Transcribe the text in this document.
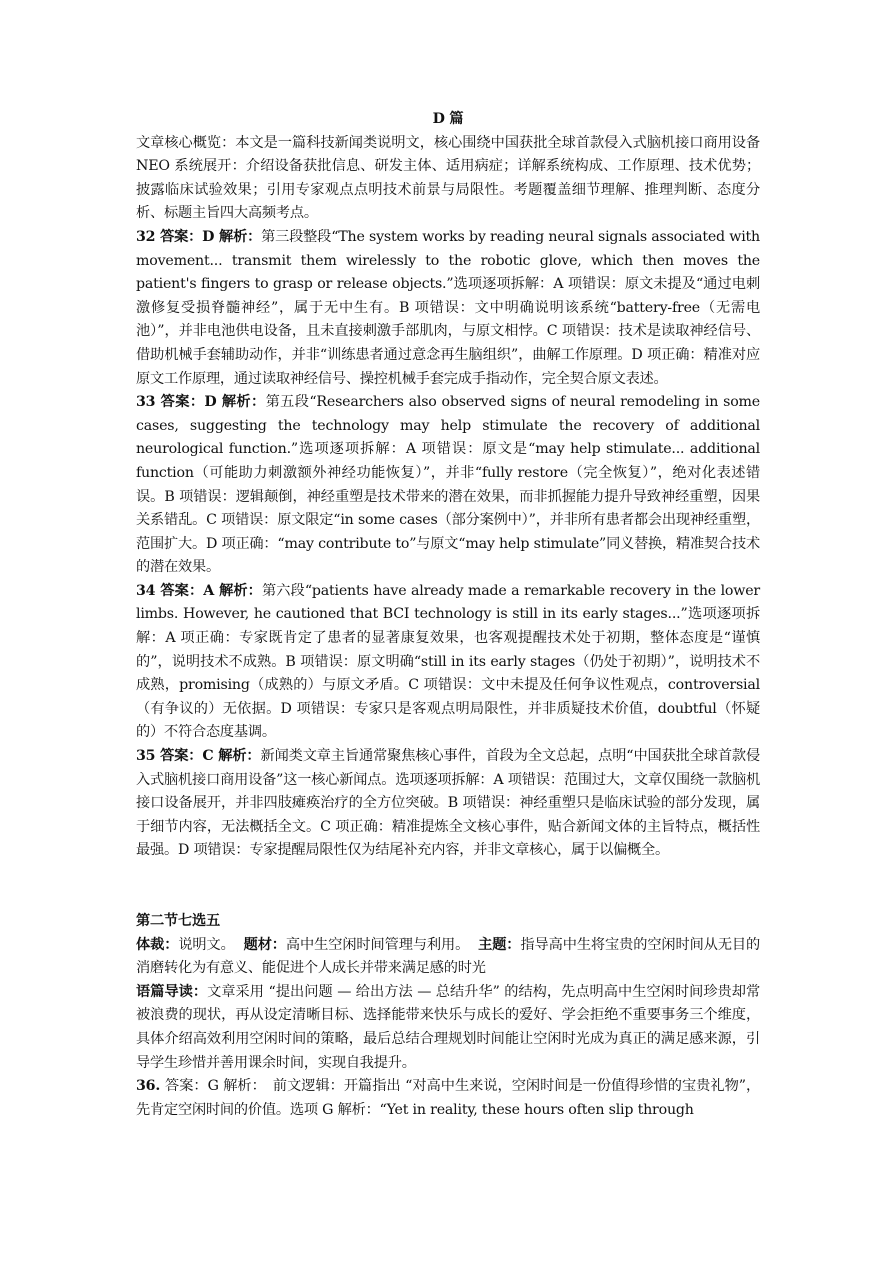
D 篇

文章核心概览：本文是一篇科技新闻类说明文，核心围绕中国获批全球首款侵入式脑机接口商用设备 NEO 系统展开：介绍设备获批信息、研发主体、适用病症；详解系统构成、工作原理、技术优势；披露临床试验效果；引用专家观点点明技术前景与局限性。考题覆盖细节理解、推理判断、态度分析、标题主旨四大高频考点。

32 答案：D 解析：第三段整段“The system works by reading neural signals associated with movement... transmit them wirelessly to the robotic glove, which then moves the patient's fingers to grasp or release objects.”选项逐项拆解：A 项错误：原文未提及“通过电刺激修复受损脊髓神经”，属于无中生有。B 项错误：文中明确说明该系统“battery-free（无需电池）”，并非电池供电设备，且未直接刺激手部肌肉，与原文相悖。C 项错误：技术是读取神经信号、借助机械手套辅助动作，并非“训练患者通过意念再生脑组织”，曲解工作原理。D 项正确：精准对应原文工作原理，通过读取神经信号、操控机械手套完成手指动作，完全契合原文表述。

33 答案：D 解析：第五段“Researchers also observed signs of neural remodeling in some cases, suggesting the technology may help stimulate the recovery of additional neurological function.”选项逐项拆解：A 项错误：原文是“may help stimulate... additional function（可能助力刺激额外神经功能恢复）”，并非“fully restore（完全恢复）”，绝对化表述错误。B 项错误：逻辑颠倒，神经重塑是技术带来的潜在效果，而非抓握能力提升导致神经重塑，因果关系错乱。C 项错误：原文限定“in some cases（部分案例中）”，并非所有患者都会出现神经重塑，范围扩大。D 项正确：“may contribute to”与原文“may help stimulate”同义替换，精准契合技术的潜在效果。

34 答案：A 解析：第六段“patients have already made a remarkable recovery in the lower limbs. However, he cautioned that BCI technology is still in its early stages...”选项逐项拆解：A 项正确：专家既肯定了患者的显著康复效果，也客观提醒技术处于初期，整体态度是“谨慎的”，说明技术不成熟。B 项错误：原文明确“still in its early stages（仍处于初期）”，说明技术不成熟，promising（成熟的）与原文矛盾。C 项错误：文中未提及任何争议性观点，controversial（有争议的）无依据。D 项错误：专家只是客观点明局限性，并非质疑技术价值，doubtful（怀疑的）不符合态度基调。

35 答案：C 解析：新闻类文章主旨通常聚焦核心事件，首段为全文总起，点明“中国获批全球首款侵入式脑机接口商用设备”这一核心新闻点。选项逐项拆解：A 项错误：范围过大，文章仅围绕一款脑机接口设备展开，并非四肢瘫痪治疗的全方位突破。B 项错误：神经重塑只是临床试验的部分发现，属于细节内容，无法概括全文。C 项正确：精准提炼全文核心事件，贴合新闻文体的主旨特点，概括性最强。D 项错误：专家提醒局限性仅为结尾补充内容，并非文章核心，属于以偏概全。

第二节七选五

体裁：说明文。 题材：高中生空闲时间管理与利用。 主题：指导高中生将宝贵的空闲时间从无目的消磨转化为有意义、能促进个人成长并带来满足感的时光

语篇导读：文章采用 “提出问题 — 给出方法 — 总结升华” 的结构，先点明高中生空闲时间珍贵却常被浪费的现状，再从设定清晰目标、选择能带来快乐与成长的爱好、学会拒绝不重要事务三个维度，具体介绍高效利用空闲时间的策略，最后总结合理规划时间能让空闲时光成为真正的满足感来源，引导学生珍惜并善用课余时间，实现自我提升。

36. 答案：G 解析：　前文逻辑：开篇指出 “对高中生来说，空闲时间是一份值得珍惜的宝贵礼物”，先肯定空闲时间的价值。选项 G 解析：“Yet in reality, these hours often slip through
